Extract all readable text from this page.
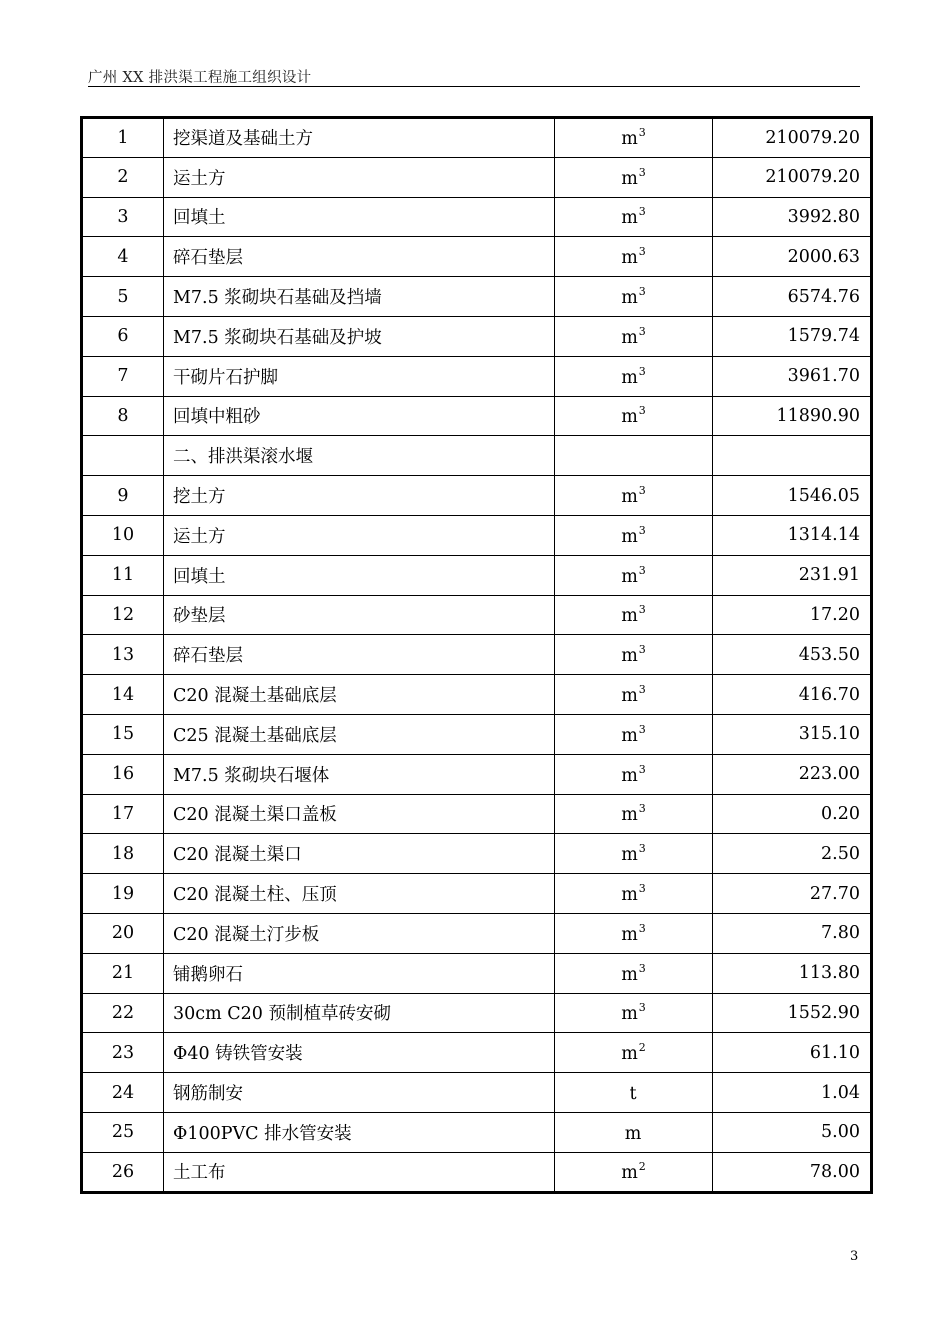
广州 XX 排洪渠工程施工组织设计
1	挖渠道及基础土方	$m^3$	210079.20
2	运土方	$m^3$	210079.20
3	回填土	$m^3$	3992.80
4	碎石垫层	$m^3$	2000.63
5	M7.5 浆砌块石基础及挡墙	$m^3$	6574.76
6	M7.5 浆砌块石基础及护坡	$m^3$	1579.74
7	干砌片石护脚	$m^3$	3961.70
8	回填中粗砂	$m^3$	11890.90
	二、排洪渠滚水堰		
9	挖土方	$m^3$	1546.05
10	运土方	$m^3$	1314.14
11	回填土	$m^3$	231.91
12	砂垫层	$m^3$	17.20
13	碎石垫层	$m^3$	453.50
14	C20 混凝土基础底层	$m^3$	416.70
15	C25 混凝土基础底层	$m^3$	315.10
16	M7.5 浆砌块石堰体	$m^3$	223.00
17	C20 混凝土渠口盖板	$m^3$	0.20
18	C20 混凝土渠口	$m^3$	2.50
19	C20 混凝土柱、压顶	$m^3$	27.70
20	C20 混凝土汀步板	$m^3$	7.80
21	铺鹅卵石	$m^3$	113.80
22	30cm C20 预制植草砖安砌	$m^3$	1552.90
23	Φ40 铸铁管安装	$m^2$	61.10
24	钢筋制安	t	1.04
25	Φ100PVC 排水管安装	m	5.00
26	土工布	$m^2$	78.00
3
